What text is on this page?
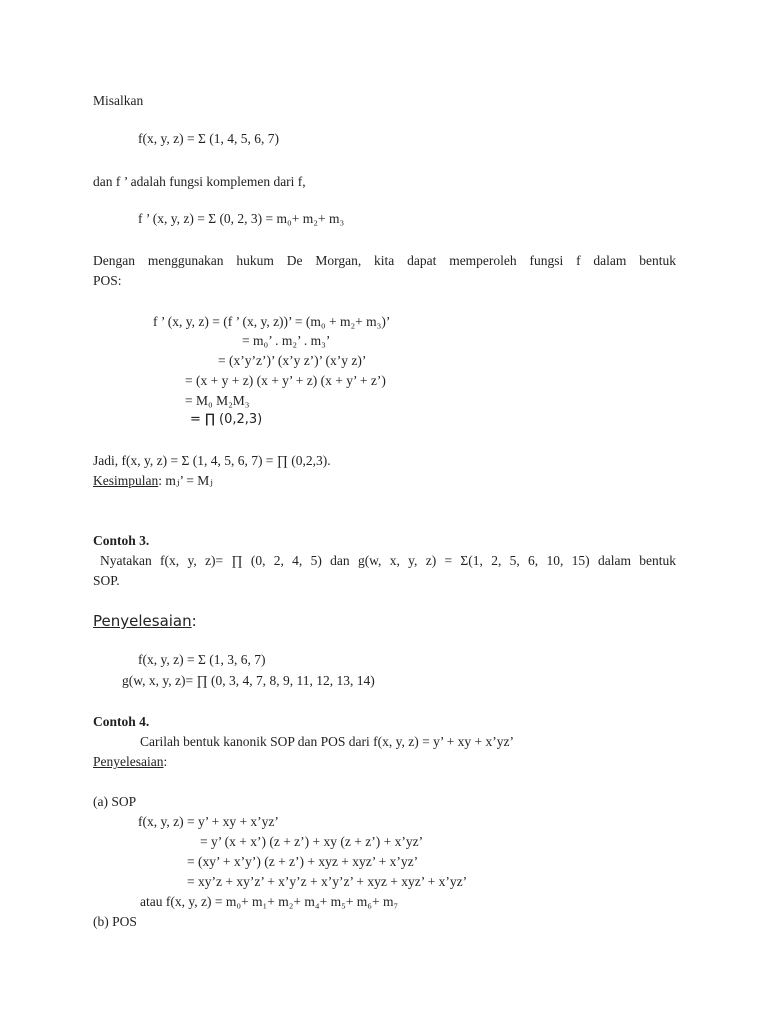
Misalkan
f(x, y, z) = Σ (1, 4, 5, 6, 7)
dan f ’ adalah fungsi komplemen dari f,
f ’ (x, y, z) = Σ (0, 2, 3) = m₀+ m₂+ m₃
Dengan menggunakan hukum De Morgan, kita dapat memperoleh fungsi f dalam bentuk
POS:
f ’ (x, y, z) = (f ’ (x, y, z))’ = (m₀ + m₂+ m₃)’
= m₀’ . m₂’ . m₃’
= (x’y’z’)’ (x’y z’)’ (x’y z)’
= (x + y + z) (x + y’ + z) (x + y’ + z’)
= M₀ M₂M₃
= ∏ (0,2,3)
Jadi, f(x, y, z) = Σ (1, 4, 5, 6, 7) = ∏ (0,2,3).
Kesimpulan: mⱼ’ = Mⱼ
Contoh 3.
Nyatakan f(x, y, z)= ∏ (0, 2, 4, 5) dan g(w, x, y, z) = Σ(1, 2, 5, 6, 10, 15) dalam bentuk
SOP.
Penyelesaian:
f(x, y, z) = Σ (1, 3, 6, 7)
g(w, x, y, z)= ∏ (0, 3, 4, 7, 8, 9, 11, 12, 13, 14)
Contoh 4.
Carilah bentuk kanonik SOP dan POS dari f(x, y, z) = y’ + xy + x’yz’
Penyelesaian:
(a) SOP
f(x, y, z) = y’ + xy + x’yz’
= y’ (x + x’) (z + z’) + xy (z + z’) + x’yz’
= (xy’ + x’y’) (z + z’) + xyz + xyz’ + x’yz’
= xy’z + xy’z’ + x’y’z + x’y’z’ + xyz + xyz’ + x’yz’
atau f(x, y, z) = m₀+ m₁+ m₂+ m₄+ m₅+ m₆+ m₇
(b) POS
